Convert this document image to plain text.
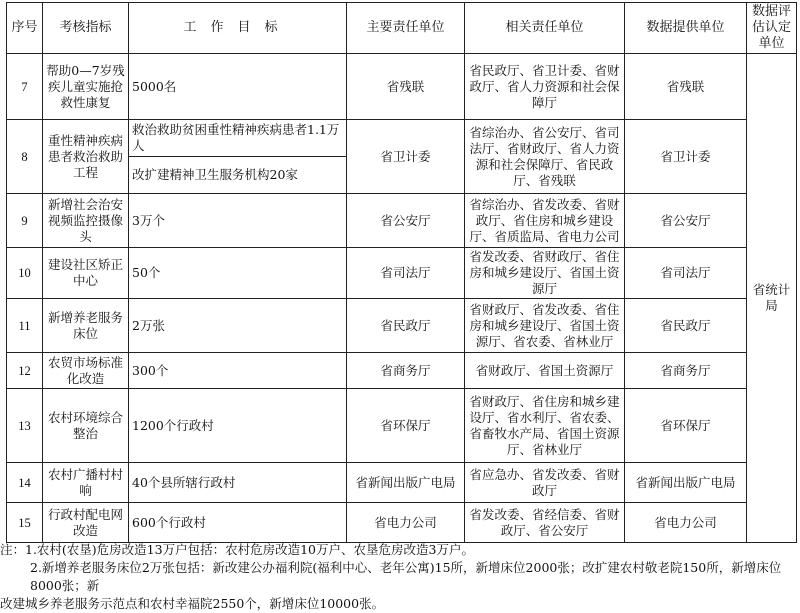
序号	考核指标	工作目标	主要责任单位	相关责任单位	数据提供单位	数据评估认定单位
7	帮助0—7岁残疾儿童实施抢救性康复	5000名	省残联	省民政厅、省卫计委、省财政厅、省人力资源和社会保障厅	省残联	省统计局
8	重性精神疾病患者救治救助工程	救治救助贫困重性精神疾病患者1.1万人	省卫计委	省综治办、省公安厅、省司法厅、省财政厅、省人力资源和社会保障厅、省民政厅、省残联	省卫计委	
		改扩建精神卫生服务机构20家				
9	新增社会治安视频监控摄像头	3万个	省公安厅	省综治办、省发改委、省财政厅、省住房和城乡建设厅、省质监局、省电力公司	省公安厅	
10	建设社区矫正中心	50个	省司法厅	省发改委、省财政厅、省住房和城乡建设厅、省国土资源厅	省司法厅	
11	新增养老服务床位	2万张	省民政厅	省财政厅、省发改委、省住房和城乡建设厅、省国土资源厅、省农委、省林业厅	省民政厅	
12	农贸市场标准化改造	300个	省商务厅	省财政厅、省国土资源厅	省商务厅	
13	农村环境综合整治	1200个行政村	省环保厅	省财政厅、省住房和城乡建设厅、省水利厅、省农委、省畜牧水产局、省国土资源厅、省林业厅	省环保厅	
14	农村广播村村响	40个县所辖行政村	省新闻出版广电局	省应急办、省发改委、省财政厅	省新闻出版广电局	
15	行政村配电网改造	600个行政村	省电力公司	省发改委、省经信委、省财政厅、省公安厅	省电力公司	
注：1.农村(农垦)危房改造13万户包括：农村危房改造10万户、农垦危房改造3万户。
2.新增养老服务床位2万张包括：新改建公办福利院(福利中心、老年公寓)15所，新增床位2000张；改扩建农村敬老院150所，新增床位8000张；新
改建城乡养老服务示范点和农村幸福院2550个，新增床位10000张。
